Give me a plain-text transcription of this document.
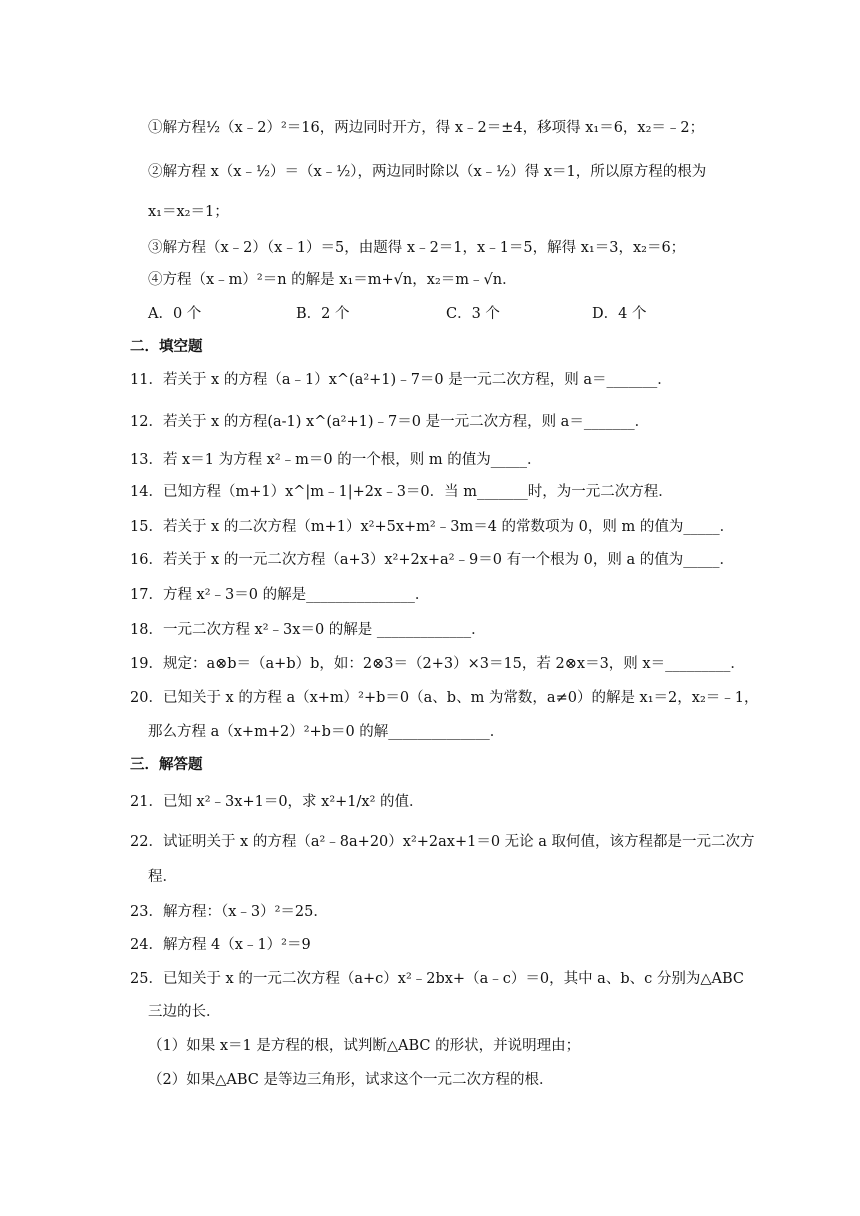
①解方程½（x﹣2）²＝16，两边同时开方，得 x﹣2＝±4，移项得 x₁＝6，x₂＝﹣2；
②解方程 x（x﹣½）＝（x﹣½），两边同时除以（x﹣½）得 x＝1，所以原方程的根为
x₁＝x₂＝1；
③解方程（x﹣2）（x﹣1）＝5，由题得 x﹣2＝1，x﹣1＝5，解得 x₁＝3，x₂＝6；
④方程（x﹣m）²＝n 的解是 x₁＝m+√n，x₂＝m﹣√n．
A．0 个	B．2 个	C．3 个	D．4 个
二．填空题
11．若关于 x 的方程（a﹣1）x^(a²+1)﹣7＝0 是一元二次方程，则 a＝_______．
12．若关于 x 的方程(a-1) x^(a²+1)﹣7＝0 是一元二次方程，则 a＝_______．
13．若 x＝1 为方程 x²﹣m＝0 的一个根，则 m 的值为_____．
14．已知方程（m+1）x^|m﹣1|+2x﹣3＝0．当 m_______时，为一元二次方程．
15．若关于 x 的二次方程（m+1）x²+5x+m²﹣3m＝4 的常数项为 0，则 m 的值为_____．
16．若关于 x 的一元二次方程（a+3）x²+2x+a²﹣9＝0 有一个根为 0，则 a 的值为_____．
17．方程 x²﹣3＝0 的解是_______________．
18．一元二次方程 x²﹣3x＝0 的解是 _____________．
19．规定：a⊗b＝（a+b）b，如：2⊗3＝（2+3）×3＝15，若 2⊗x＝3，则 x＝_________．
20．已知关于 x 的方程 a（x+m）²+b＝0（a、b、m 为常数，a≠0）的解是 x₁＝2，x₂＝﹣1，
那么方程 a（x+m+2）²+b＝0 的解______________．
三．解答题
21．已知 x²﹣3x+1＝0，求 x²+1/x² 的值．
22．试证明关于 x 的方程（a²﹣8a+20）x²+2ax+1＝0 无论 a 取何值，该方程都是一元二次方
程．
23．解方程：（x﹣3）²＝25．
24．解方程 4（x﹣1）²＝9
25．已知关于 x 的一元二次方程（a+c）x²﹣2bx+（a﹣c）＝0，其中 a、b、c 分别为△ABC
三边的长．
（1）如果 x＝1 是方程的根，试判断△ABC 的形状，并说明理由；
（2）如果△ABC 是等边三角形，试求这个一元二次方程的根．
